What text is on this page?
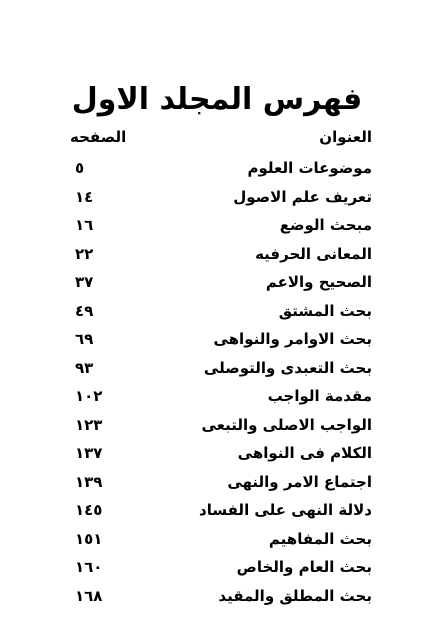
فهرس المجلد الاول
العنوان
الصفحه
موضوعات العلوم
٥
تعريف علم الاصول
١٤
مبحث الوضع
١٦
المعانى الحرفيه
٢٢
الصحيح والاعم
٣٧
بحث المشتق
٤٩
بحث الاوامر والنواهى
٦٩
بحث التعبدى والتوصلى
٩٣
مقدمة الواجب
١٠٢
الواجب الاصلى والتبعى
١٢٣
الكلام فى النواهى
١٣٧
اجتماع الامر والنهى
١٣٩
دلالة النهى على الفساد
١٤٥
بحث المفاهيم
١٥١
بحث العام والخاص
١٦٠
بحث المطلق والمقيد
١٦٨
